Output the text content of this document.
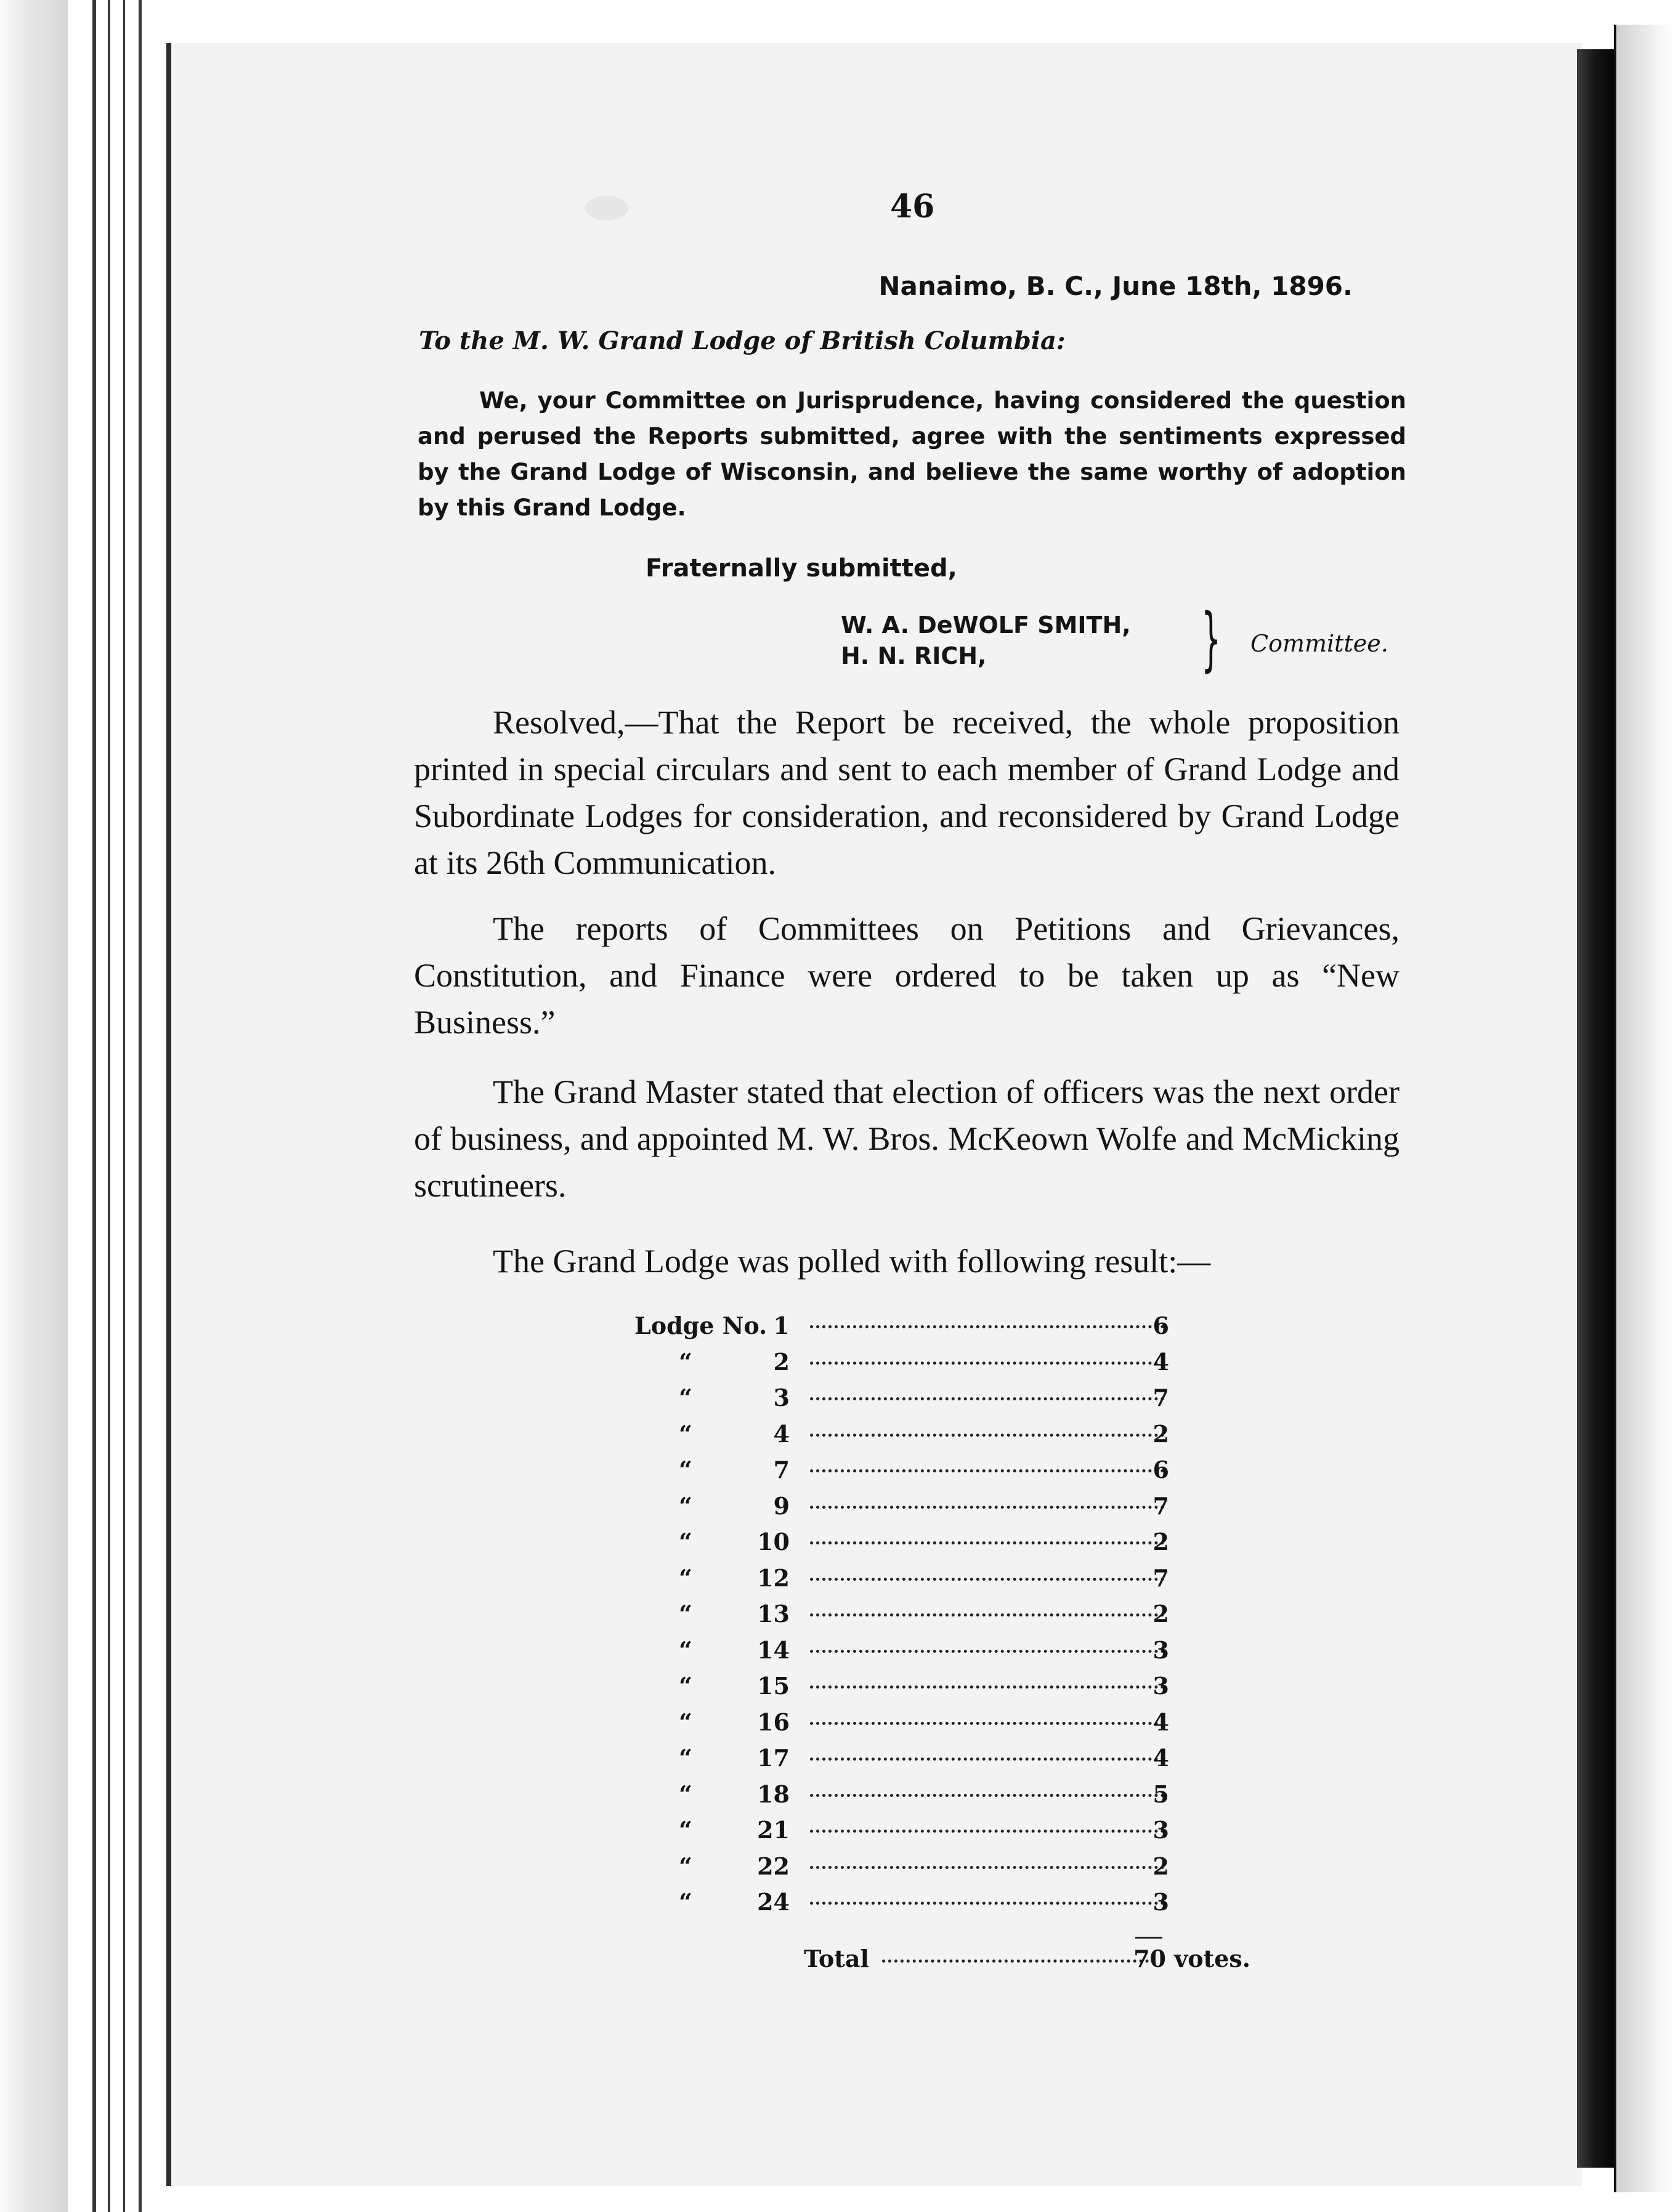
46
Nanaimo, B. C., June 18th, 1896.
To the M. W. Grand Lodge of British Columbia:
We, your Committee on Jurisprudence, having considered the question and perused the Reports submitted, agree with the sentiments expressed by the Grand Lodge of Wisconsin, and believe the same worthy of adoption by this Grand Lodge.
Fraternally submitted,
W. A. DeWOLF SMITH,
H. N. RICH,	} Committee.
Resolved,—That the Report be received, the whole proposition printed in special circulars and sent to each member of Grand Lodge and Subordinate Lodges for consideration, and reconsidered by Grand Lodge at its 26th Communication.
The reports of Committees on Petitions and Grievances, Constitution, and Finance were ordered to be taken up as “New Business.”
The Grand Master stated that election of officers was the next order of business, and appointed M. W. Bros. McKeown Wolfe and McMicking scrutineers.
The Grand Lodge was polled with following result:—
Lodge No. 1	6
“	2	4
“	3	7
“	4	2
“	7	6
“	9	7
“	10	2
“	12	7
“	13	2
“	14	3
“	15	3
“	16	4
“	17	4
“	18	5
“	21	3
“	22	2
“	24	3
Total	70 votes.
